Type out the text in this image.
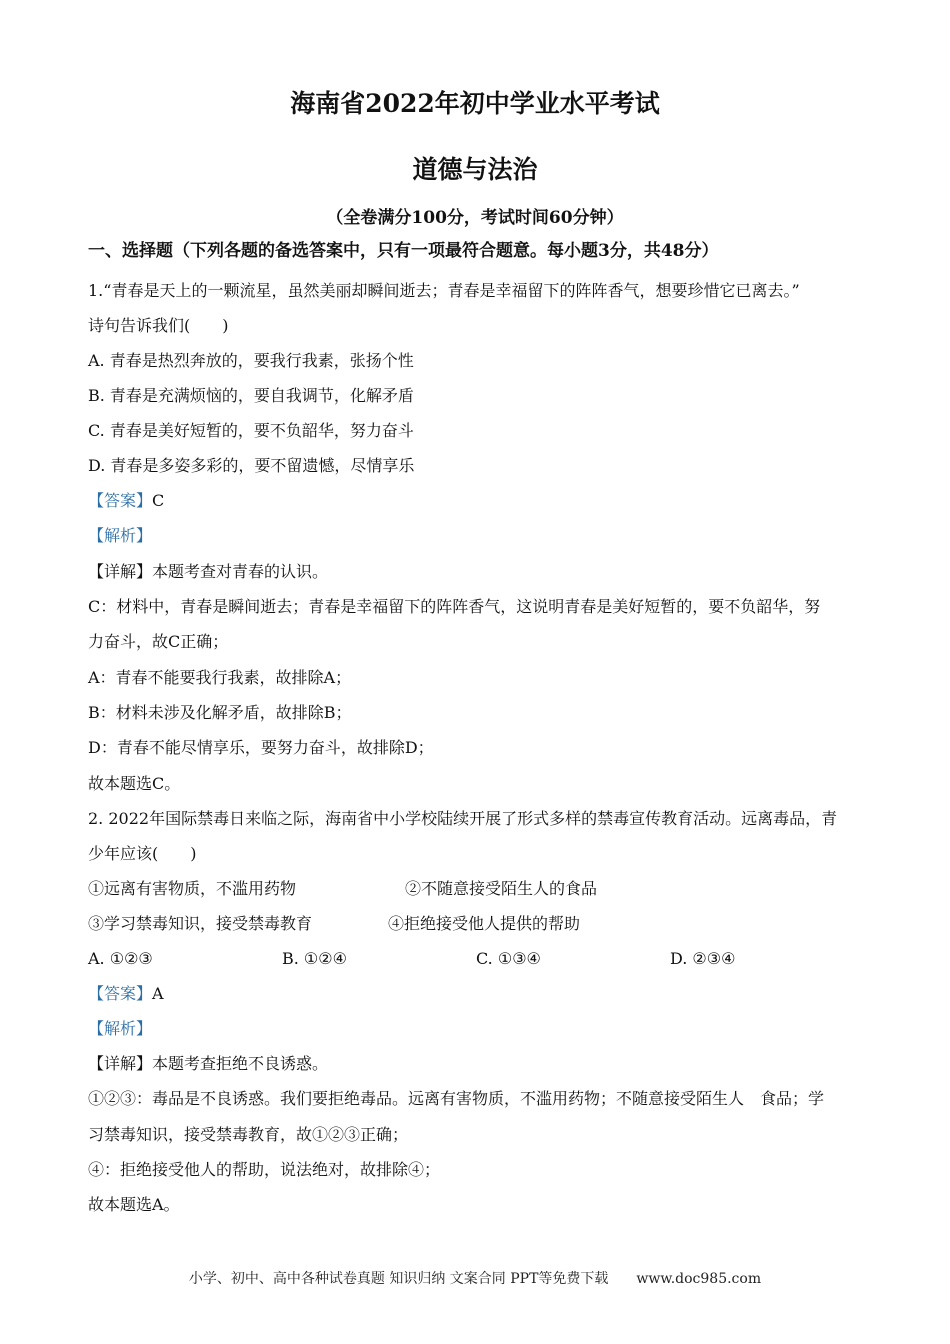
海南省2022年初中学业水平考试
道德与法治
（全卷满分100分，考试时间60分钟）
一、选择题（下列各题的备选答案中，只有一项最符合题意。每小题3分，共48分）
1.“青春是天上的一颗流星，虽然美丽却瞬间逝去；青春是幸福留下的阵阵香气，想要珍惜它已离去。”
诗句告诉我们(　　)
A. 青春是热烈奔放的，要我行我素，张扬个性
B. 青春是充满烦恼的，要自我调节，化解矛盾
C. 青春是美好短暂的，要不负韶华，努力奋斗
D. 青春是多姿多彩的，要不留遗憾，尽情享乐
【答案】C
【解析】
【详解】本题考查对青春的认识。
C：材料中，青春是瞬间逝去；青春是幸福留下的阵阵香气，这说明青春是美好短暂的，要不负韶华，努
力奋斗，故C正确；
A：青春不能要我行我素，故排除A；
B：材料未涉及化解矛盾，故排除B；
D：青春不能尽情享乐，要努力奋斗，故排除D；
故本题选C。
2. 2022年国际禁毒日来临之际，海南省中小学校陆续开展了形式多样的禁毒宣传教育活动。远离毒品，青
少年应该(　　)
①远离有害物质，不滥用药物	②不随意接受陌生人的食品
③学习禁毒知识，接受禁毒教育	④拒绝接受他人提供的帮助
A. ①②③	B. ①②④	C. ①③④	D. ②③④
【答案】A
【解析】
【详解】本题考查拒绝不良诱惑。
①②③：毒品是不良诱惑。我们要拒绝毒品。远离有害物质，不滥用药物；不随意接受陌生人　食品；学
习禁毒知识，接受禁毒教育，故①②③正确；
④：拒绝接受他人的帮助，说法绝对，故排除④；
故本题选A。
小学、初中、高中各种试卷真题 知识归纳 文案合同 PPT等免费下载　　www.doc985.com
